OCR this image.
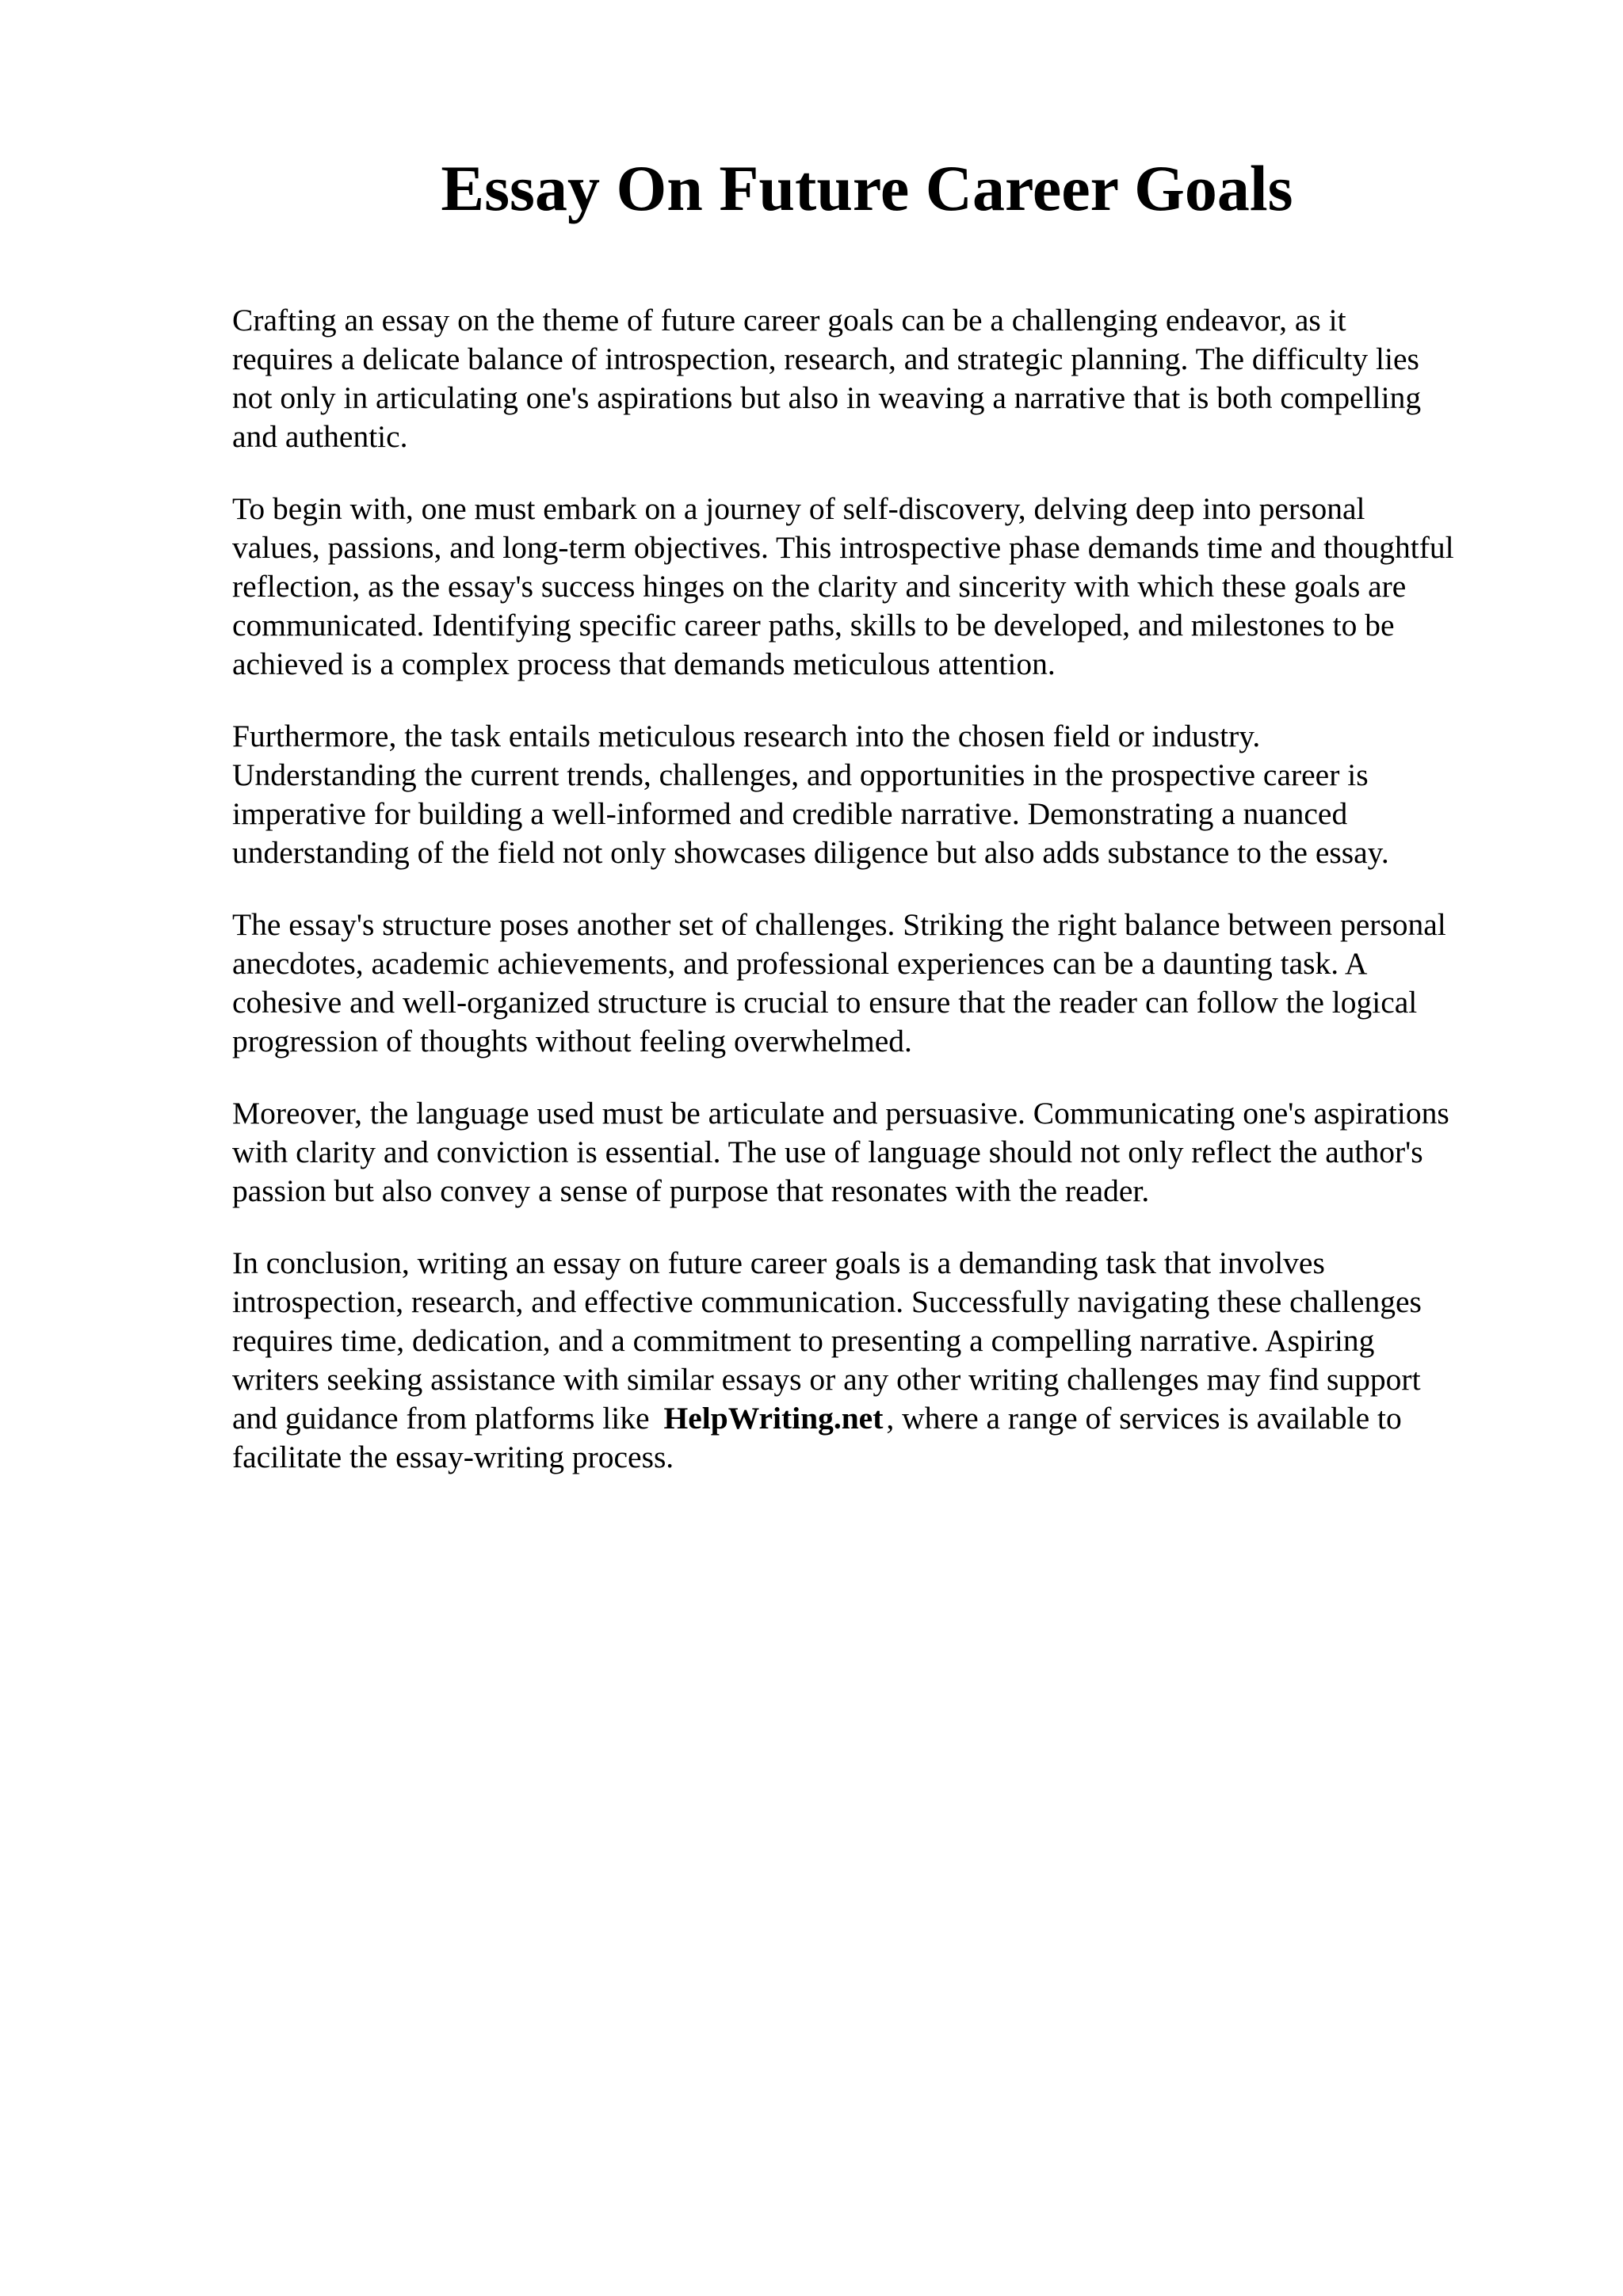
Essay On Future Career Goals

Crafting an essay on the theme of future career goals can be a challenging endeavor, as it
requires a delicate balance of introspection, research, and strategic planning. The difficulty lies
not only in articulating one's aspirations but also in weaving a narrative that is both compelling
and authentic.

To begin with, one must embark on a journey of self-discovery, delving deep into personal
values, passions, and long-term objectives. This introspective phase demands time and thoughtful
reflection, as the essay's success hinges on the clarity and sincerity with which these goals are
communicated. Identifying specific career paths, skills to be developed, and milestones to be
achieved is a complex process that demands meticulous attention.

Furthermore, the task entails meticulous research into the chosen field or industry.
Understanding the current trends, challenges, and opportunities in the prospective career is
imperative for building a well-informed and credible narrative. Demonstrating a nuanced
understanding of the field not only showcases diligence but also adds substance to the essay.

The essay's structure poses another set of challenges. Striking the right balance between personal
anecdotes, academic achievements, and professional experiences can be a daunting task. A
cohesive and well-organized structure is crucial to ensure that the reader can follow the logical
progression of thoughts without feeling overwhelmed.

Moreover, the language used must be articulate and persuasive. Communicating one's aspirations
with clarity and conviction is essential. The use of language should not only reflect the author's
passion but also convey a sense of purpose that resonates with the reader.

In conclusion, writing an essay on future career goals is a demanding task that involves
introspection, research, and effective communication. Successfully navigating these challenges
requires time, dedication, and a commitment to presenting a compelling narrative. Aspiring
writers seeking assistance with similar essays or any other writing challenges may find support
and guidance from platforms like HelpWriting.net , where a range of services is available to
facilitate the essay-writing process.
